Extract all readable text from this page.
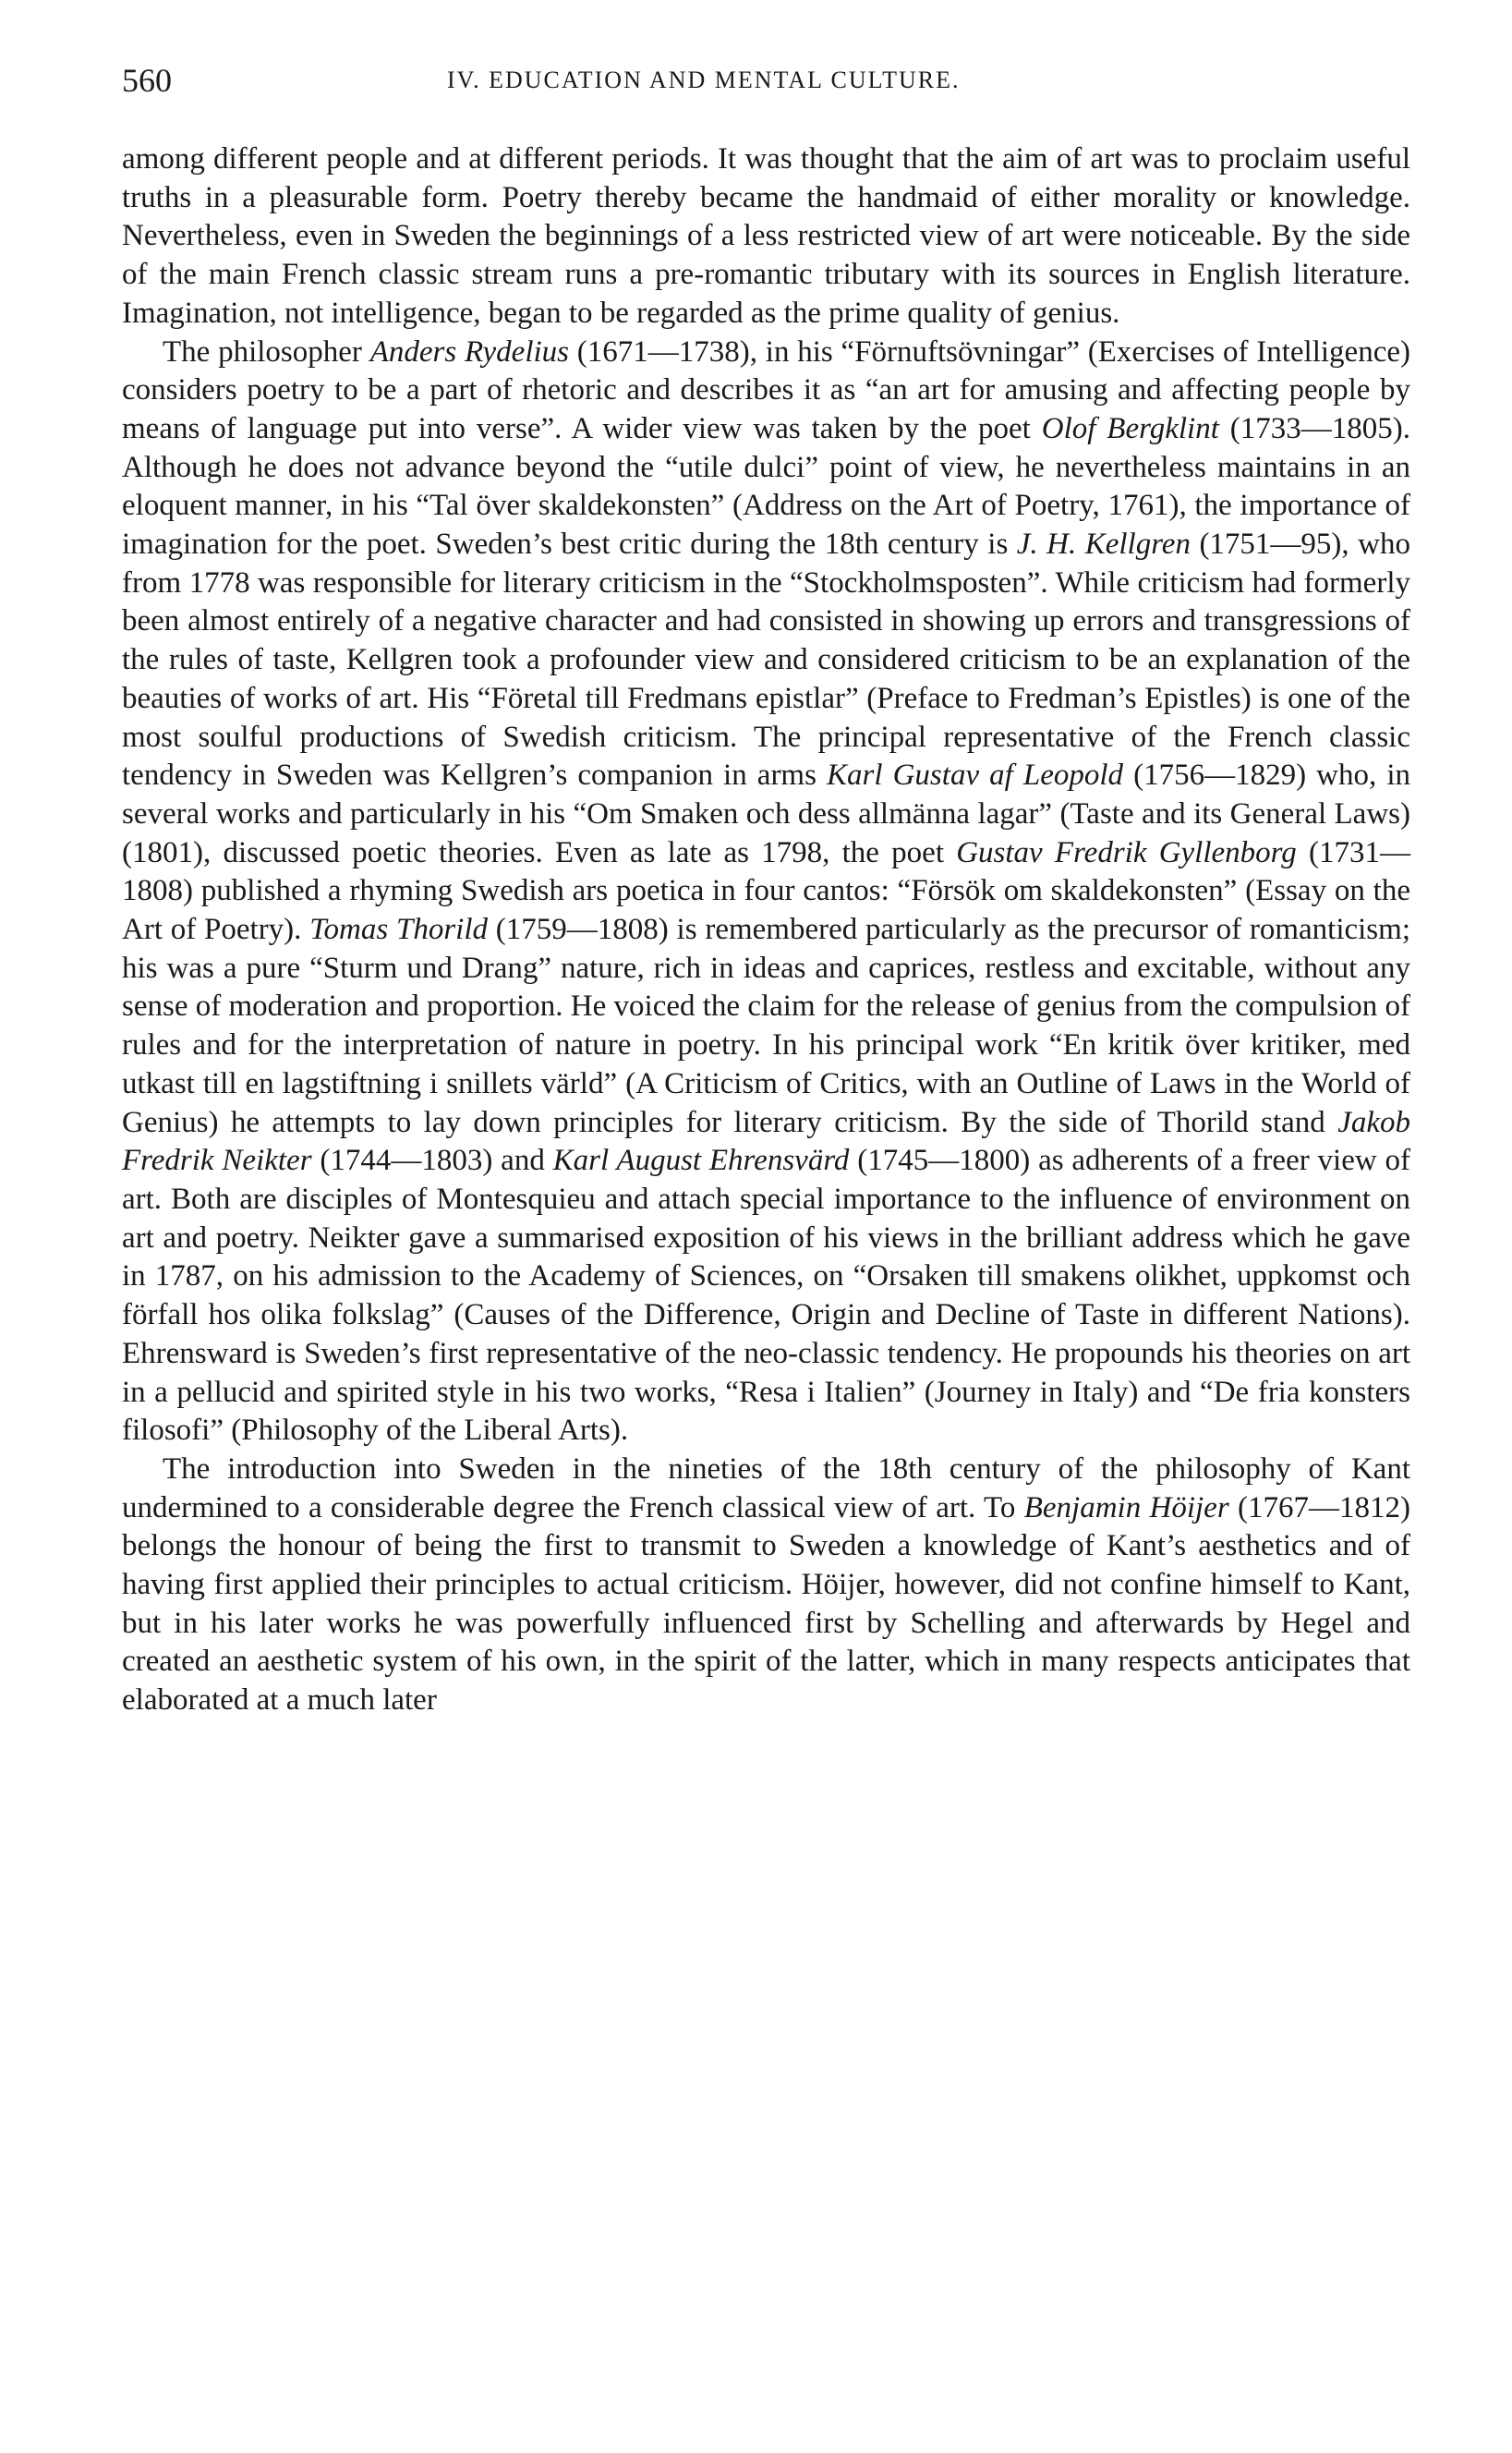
560	IV. EDUCATION AND MENTAL CULTURE.

among different people and at different periods. It was thought that the aim of art was to proclaim useful truths in a pleasurable form. Poetry thereby became the handmaid of either morality or knowledge. Nevertheless, even in Sweden the beginnings of a less restricted view of art were noticeable. By the side of the main French classic stream runs a pre-romantic tributary with its sources in English literature. Imagination, not intelligence, began to be regarded as the prime quality of genius.

The philosopher Anders Rydelius (1671—1738), in his “Förnuftsövningar” (Exercises of Intelligence) considers poetry to be a part of rhetoric and describes it as “an art for amusing and affecting people by means of language put into verse”. A wider view was taken by the poet Olof Bergklint (1733—1805). Although he does not advance beyond the “utile dulci” point of view, he nevertheless maintains in an eloquent manner, in his “Tal över skaldekonsten” (Address on the Art of Poetry, 1761), the importance of imagination for the poet. Sweden’s best critic during the 18th century is J. H. Kellgren (1751—95), who from 1778 was responsible for literary criticism in the “Stockholmsposten”. While criticism had formerly been almost entirely of a negative character and had consisted in showing up errors and transgressions of the rules of taste, Kellgren took a profounder view and considered criticism to be an explanation of the beauties of works of art. His “Företal till Fredmans epistlar” (Preface to Fredman’s Epistles) is one of the most soulful productions of Swedish criticism. The principal representative of the French classic tendency in Sweden was Kellgren’s companion in arms Karl Gustav af Leopold (1756—1829) who, in several works and particularly in his “Om Smaken och dess allmänna lagar” (Taste and its General Laws) (1801), discussed poetic theories. Even as late as 1798, the poet Gustav Fredrik Gyllenborg (1731—1808) published a rhyming Swedish ars poetica in four cantos: “Försök om skaldekonsten” (Essay on the Art of Poetry). Tomas Thorild (1759—1808) is remembered particularly as the precursor of romanticism; his was a pure “Sturm und Drang” nature, rich in ideas and caprices, restless and excitable, without any sense of moderation and proportion. He voiced the claim for the release of genius from the compulsion of rules and for the interpretation of nature in poetry. In his principal work “En kritik över kritiker, med utkast till en lagstiftning i snillets värld” (A Criticism of Critics, with an Outline of Laws in the World of Genius) he attempts to lay down principles for literary criticism. By the side of Thorild stand Jakob Fredrik Neikter (1744—1803) and Karl August Ehrensvärd (1745—1800) as adherents of a freer view of art. Both are disciples of Montesquieu and attach special importance to the influence of environment on art and poetry. Neikter gave a summarised exposition of his views in the brilliant address which he gave in 1787, on his admission to the Academy of Sciences, on “Orsaken till smakens olikhet, uppkomst och förfall hos olika folkslag” (Causes of the Difference, Origin and Decline of Taste in different Nations). Ehrensward is Sweden’s first representative of the neo-classic tendency. He propounds his theories on art in a pellucid and spirited style in his two works, “Resa i Italien” (Journey in Italy) and “De fria konsters filosofi” (Philosophy of the Liberal Arts).

The introduction into Sweden in the nineties of the 18th century of the philosophy of Kant undermined to a considerable degree the French classical view of art. To Benjamin Höijer (1767—1812) belongs the honour of being the first to transmit to Sweden a knowledge of Kant’s aesthetics and of having first applied their principles to actual criticism. Höijer, however, did not confine himself to Kant, but in his later works he was powerfully influenced first by Schelling and afterwards by Hegel and created an aesthetic system of his own, in the spirit of the latter, which in many respects anticipates that elaborated at a much later
